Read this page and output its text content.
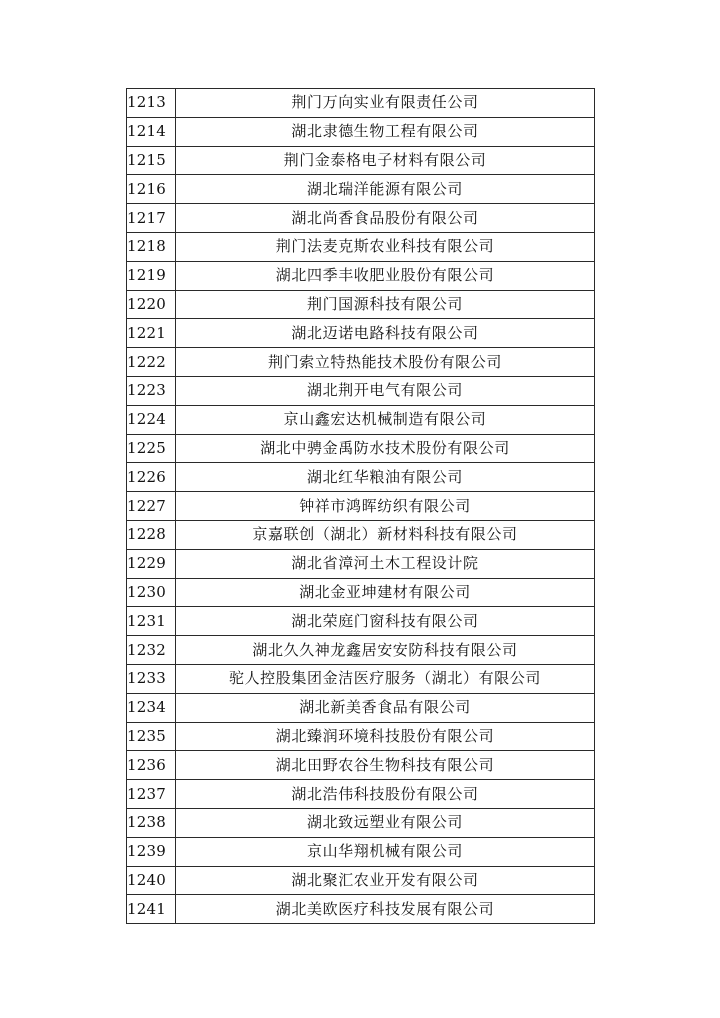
1213	荆门万向实业有限责任公司
1214	湖北隶德生物工程有限公司
1215	荆门金泰格电子材料有限公司
1216	湖北瑞洋能源有限公司
1217	湖北尚香食品股份有限公司
1218	荆门法麦克斯农业科技有限公司
1219	湖北四季丰收肥业股份有限公司
1220	荆门国源科技有限公司
1221	湖北迈诺电路科技有限公司
1222	荆门索立特热能技术股份有限公司
1223	湖北荆开电气有限公司
1224	京山鑫宏达机械制造有限公司
1225	湖北中骋金禹防水技术股份有限公司
1226	湖北红华粮油有限公司
1227	钟祥市鸿晖纺织有限公司
1228	京嘉联创（湖北）新材料科技有限公司
1229	湖北省漳河土木工程设计院
1230	湖北金亚坤建材有限公司
1231	湖北荣庭门窗科技有限公司
1232	湖北久久神龙鑫居安安防科技有限公司
1233	驼人控股集团金洁医疗服务（湖北）有限公司
1234	湖北新美香食品有限公司
1235	湖北臻润环境科技股份有限公司
1236	湖北田野农谷生物科技有限公司
1237	湖北浩伟科技股份有限公司
1238	湖北致远塑业有限公司
1239	京山华翔机械有限公司
1240	湖北聚汇农业开发有限公司
1241	湖北美欧医疗科技发展有限公司
